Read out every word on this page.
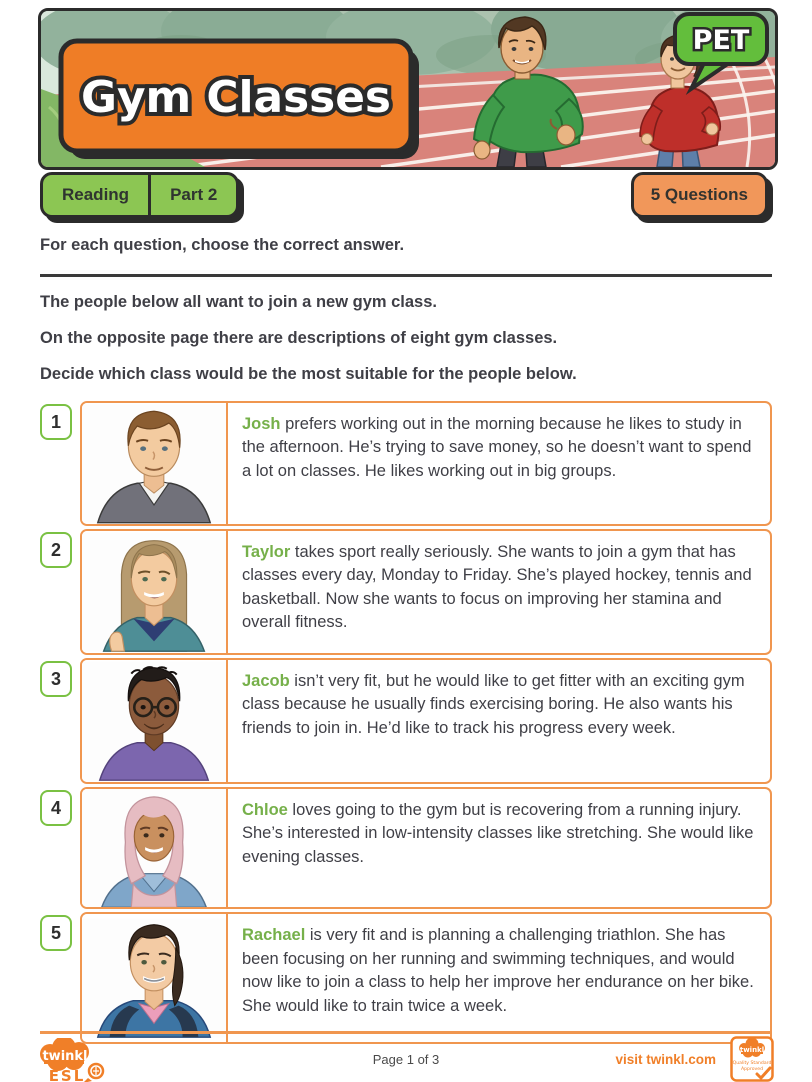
PET
Gym Classes
Reading	Part 2	5 Questions

For each question, choose the correct answer.

The people below all want to join a new gym class.

On the opposite page there are descriptions of eight gym classes.

Decide which class would be the most suitable for the people below.

1	Josh prefers working out in the morning because he likes to study in the afternoon. He’s trying to save money, so he doesn’t want to spend a lot on classes. He likes working out in big groups.
2	Taylor takes sport really seriously. She wants to join a gym that has classes every day, Monday to Friday. She’s played hockey, tennis and basketball. Now she wants to focus on improving her stamina and overall fitness.
3	Jacob isn’t very fit, but he would like to get fitter with an exciting gym class because he usually finds exercising boring. He also wants his friends to join in. He’d like to track his progress every week.
4	Chloe loves going to the gym but is recovering from a running injury. She’s interested in low-intensity classes like stretching. She would like evening classes.
5	Rachael is very fit and is planning a challenging triathlon. She has been focusing on her running and swimming techniques, and would now like to join a class to help her improve her endurance on her bike. She would like to train twice a week.
twinkl
ESL
Page 1 of 3	visit twinkl.com
twinkl
Quality Standard
Approved
